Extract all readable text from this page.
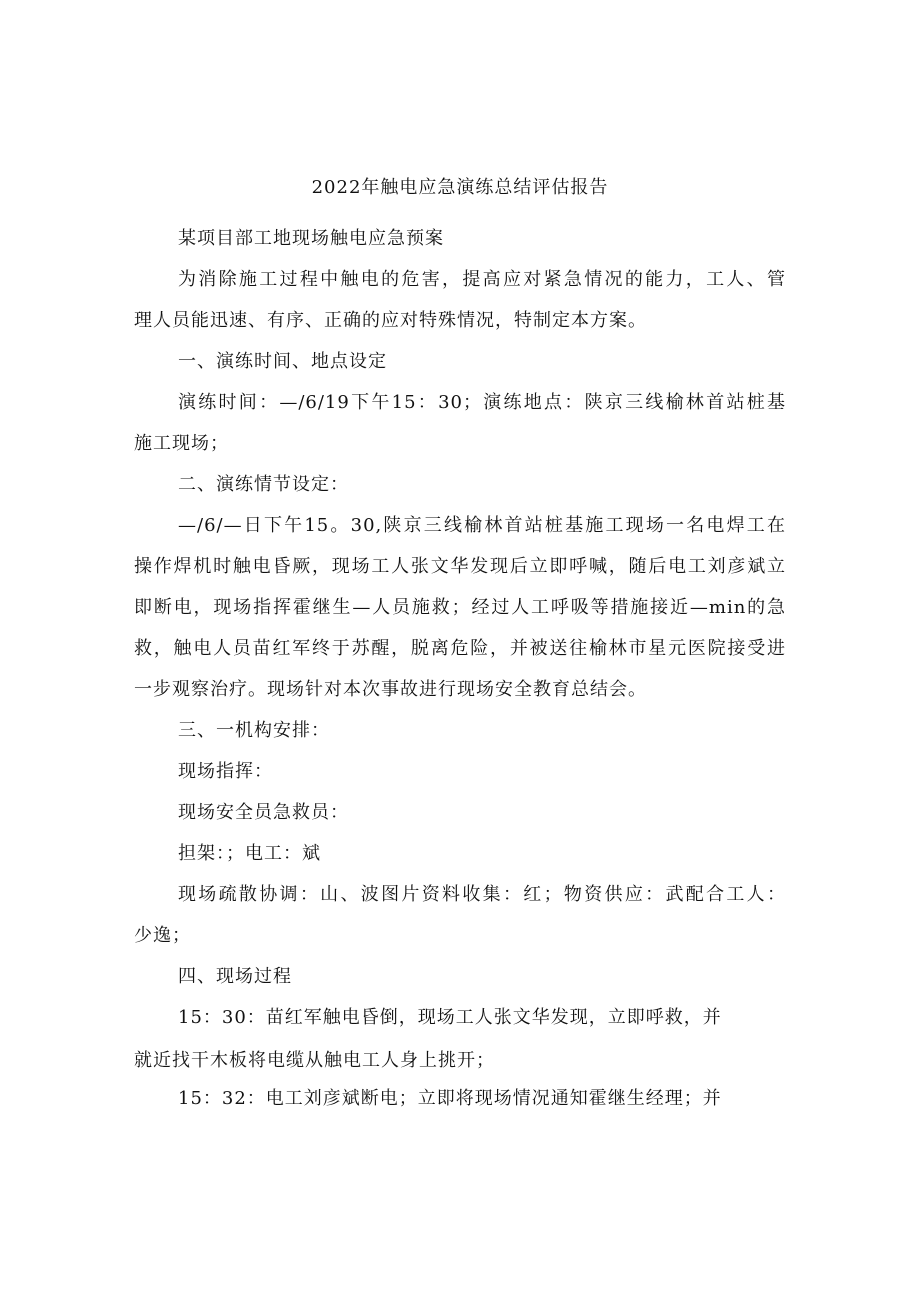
2022年触电应急演练总结评估报告
某项目部工地现场触电应急预案
为消除施工过程中触电的危害，提高应对紧急情况的能力，工人、管
理人员能迅速、有序、正确的应对特殊情况，特制定本方案。
一、演练时间、地点设定
演练时间：—/6/19下午15：30；演练地点：陕京三线榆林首站桩基
施工现场；
二、演练情节设定：
—/6/—日下午15。30,陕京三线榆林首站桩基施工现场一名电焊工在
操作焊机时触电昏厥，现场工人张文华发现后立即呼喊，随后电工刘彦斌立
即断电，现场指挥霍继生—人员施救；经过人工呼吸等措施接近—min的急
救，触电人员苗红军终于苏醒，脱离危险，并被送往榆林市星元医院接受进
一步观察治疗。现场针对本次事故进行现场安全教育总结会。
三、一机构安排：
现场指挥：
现场安全员急救员：
担架：；电工：斌
现场疏散协调：山、波图片资料收集：红；物资供应：武配合工人：
少逸；
四、现场过程
15：30：苗红军触电昏倒，现场工人张文华发现，立即呼救，并
就近找干木板将电缆从触电工人身上挑开；
15：32：电工刘彦斌断电；立即将现场情况通知霍继生经理；并
